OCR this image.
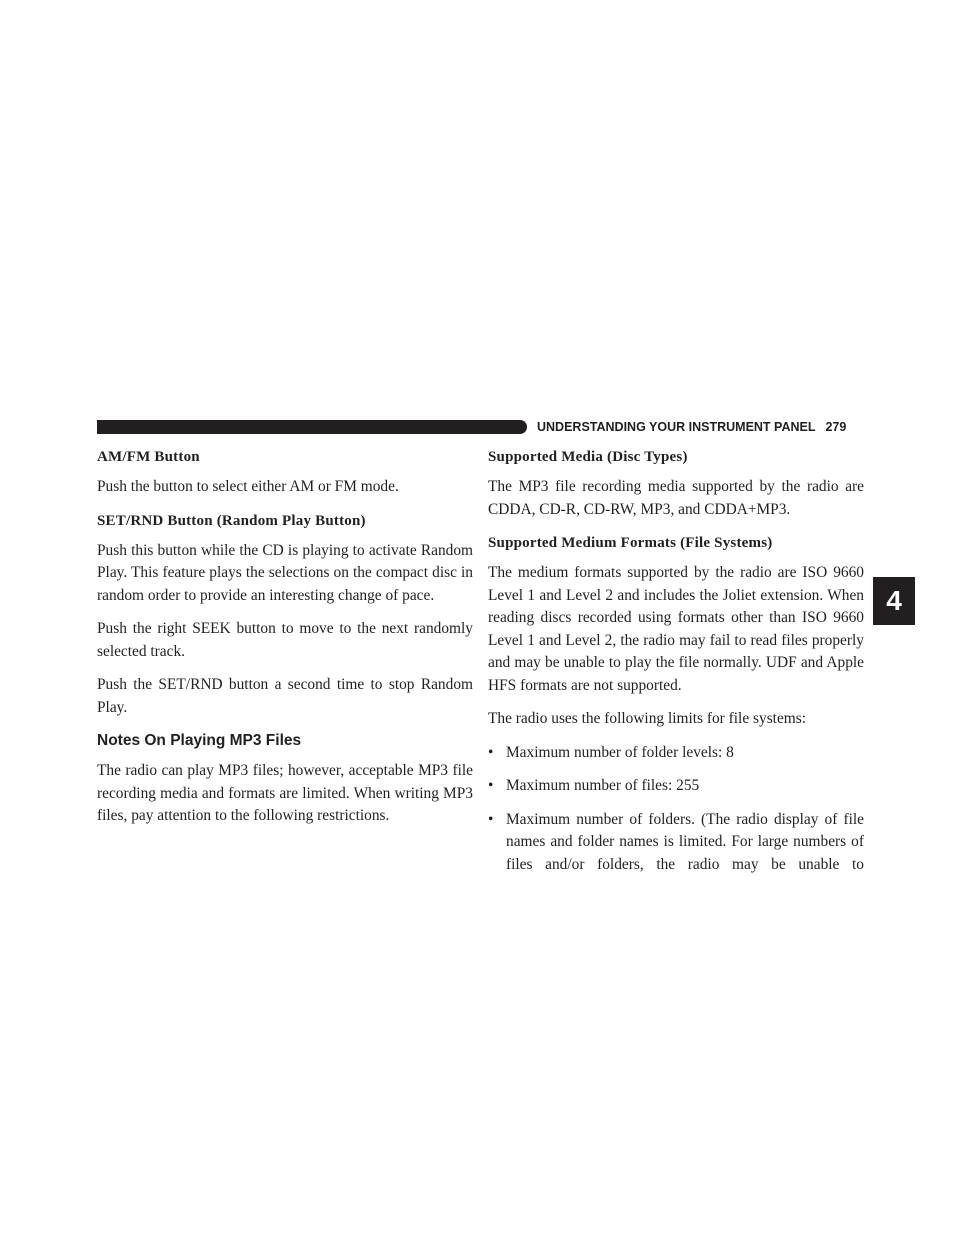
UNDERSTANDING YOUR INSTRUMENT PANEL 279
4
AM/FM Button

Push the button to select either AM or FM mode.

SET/RND Button (Random Play Button)

Push this button while the CD is playing to activate Random Play. This feature plays the selections on the compact disc in random order to provide an interesting change of pace.

Push the right SEEK button to move to the next randomly selected track.

Push the SET/RND button a second time to stop Random Play.

Notes On Playing MP3 Files

The radio can play MP3 files; however, acceptable MP3 file recording media and formats are limited. When writing MP3 files, pay attention to the following restrictions.

Supported Media (Disc Types)

The MP3 file recording media supported by the radio are CDDA, CD-R, CD-RW, MP3, and CDDA+MP3.

Supported Medium Formats (File Systems)

The medium formats supported by the radio are ISO 9660 Level 1 and Level 2 and includes the Joliet extension. When reading discs recorded using formats other than ISO 9660 Level 1 and Level 2, the radio may fail to read files properly and may be unable to play the file normally. UDF and Apple HFS formats are not supported.

The radio uses the following limits for file systems:

• Maximum number of folder levels: 8
• Maximum number of files: 255
• Maximum number of folders. (The radio display of file names and folder names is limited. For large numbers of files and/or folders, the radio may be unable to
